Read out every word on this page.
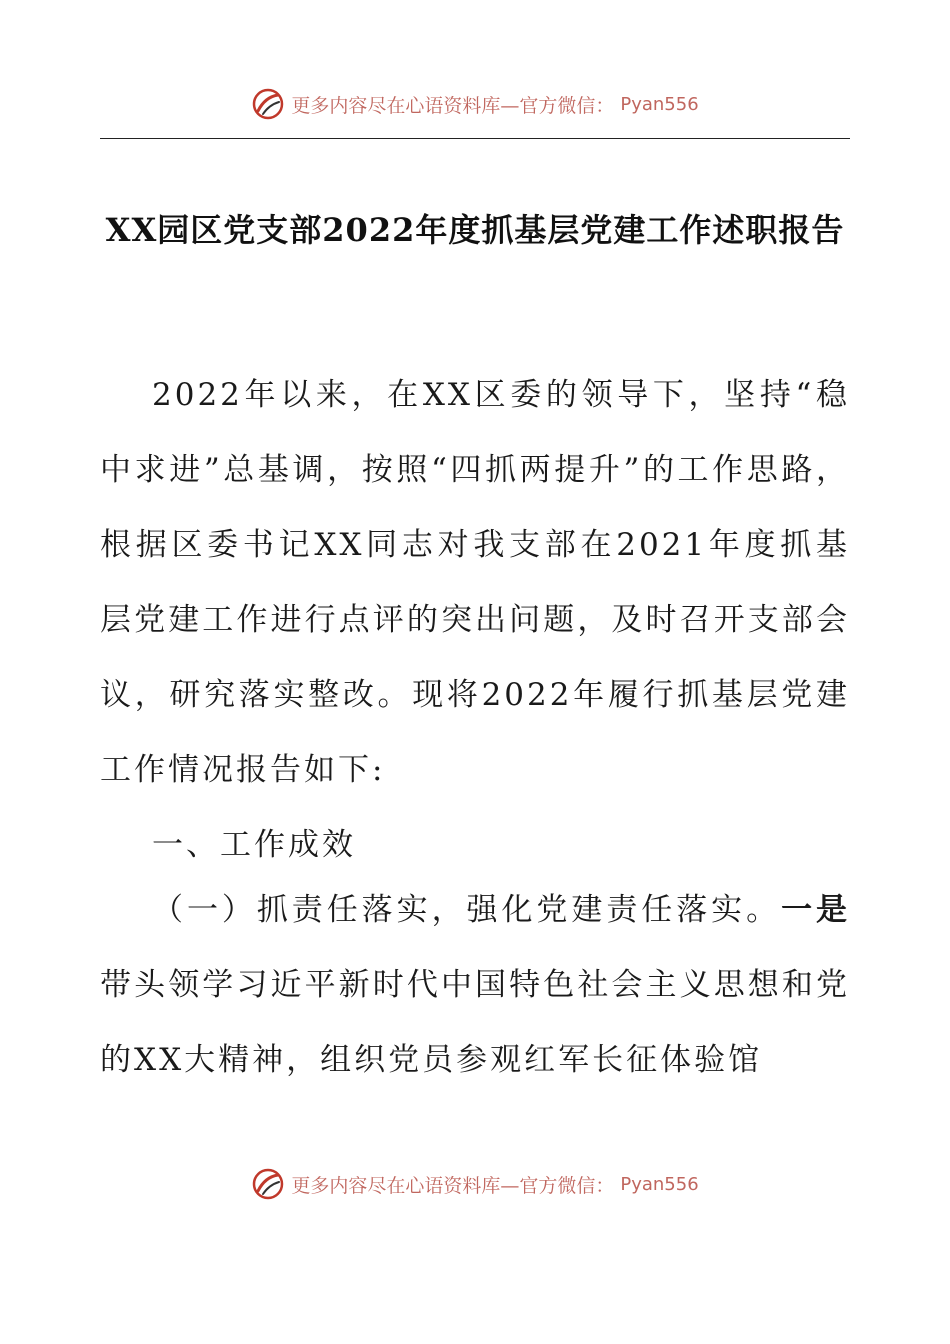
更多内容尽在心语资料库—官方微信： Pyan556
XX园区党支部2022年度抓基层党建工作述职报告

2022年以来，在XX区委的领导下，坚持“稳中求进”总基调，按照“四抓两提升”的工作思路，根据区委书记XX同志对我支部在2021年度抓基层党建工作进行点评的突出问题，及时召开支部会议，研究落实整改。现将2022年履行抓基层党建工作情况报告如下:

一、工作成效

（一）抓责任落实，强化党建责任落实。一是带头领学习近平新时代中国特色社会主义思想和党的XX大精神，组织党员参观红军长征体验馆

更多内容尽在心语资料库—官方微信： Pyan556
